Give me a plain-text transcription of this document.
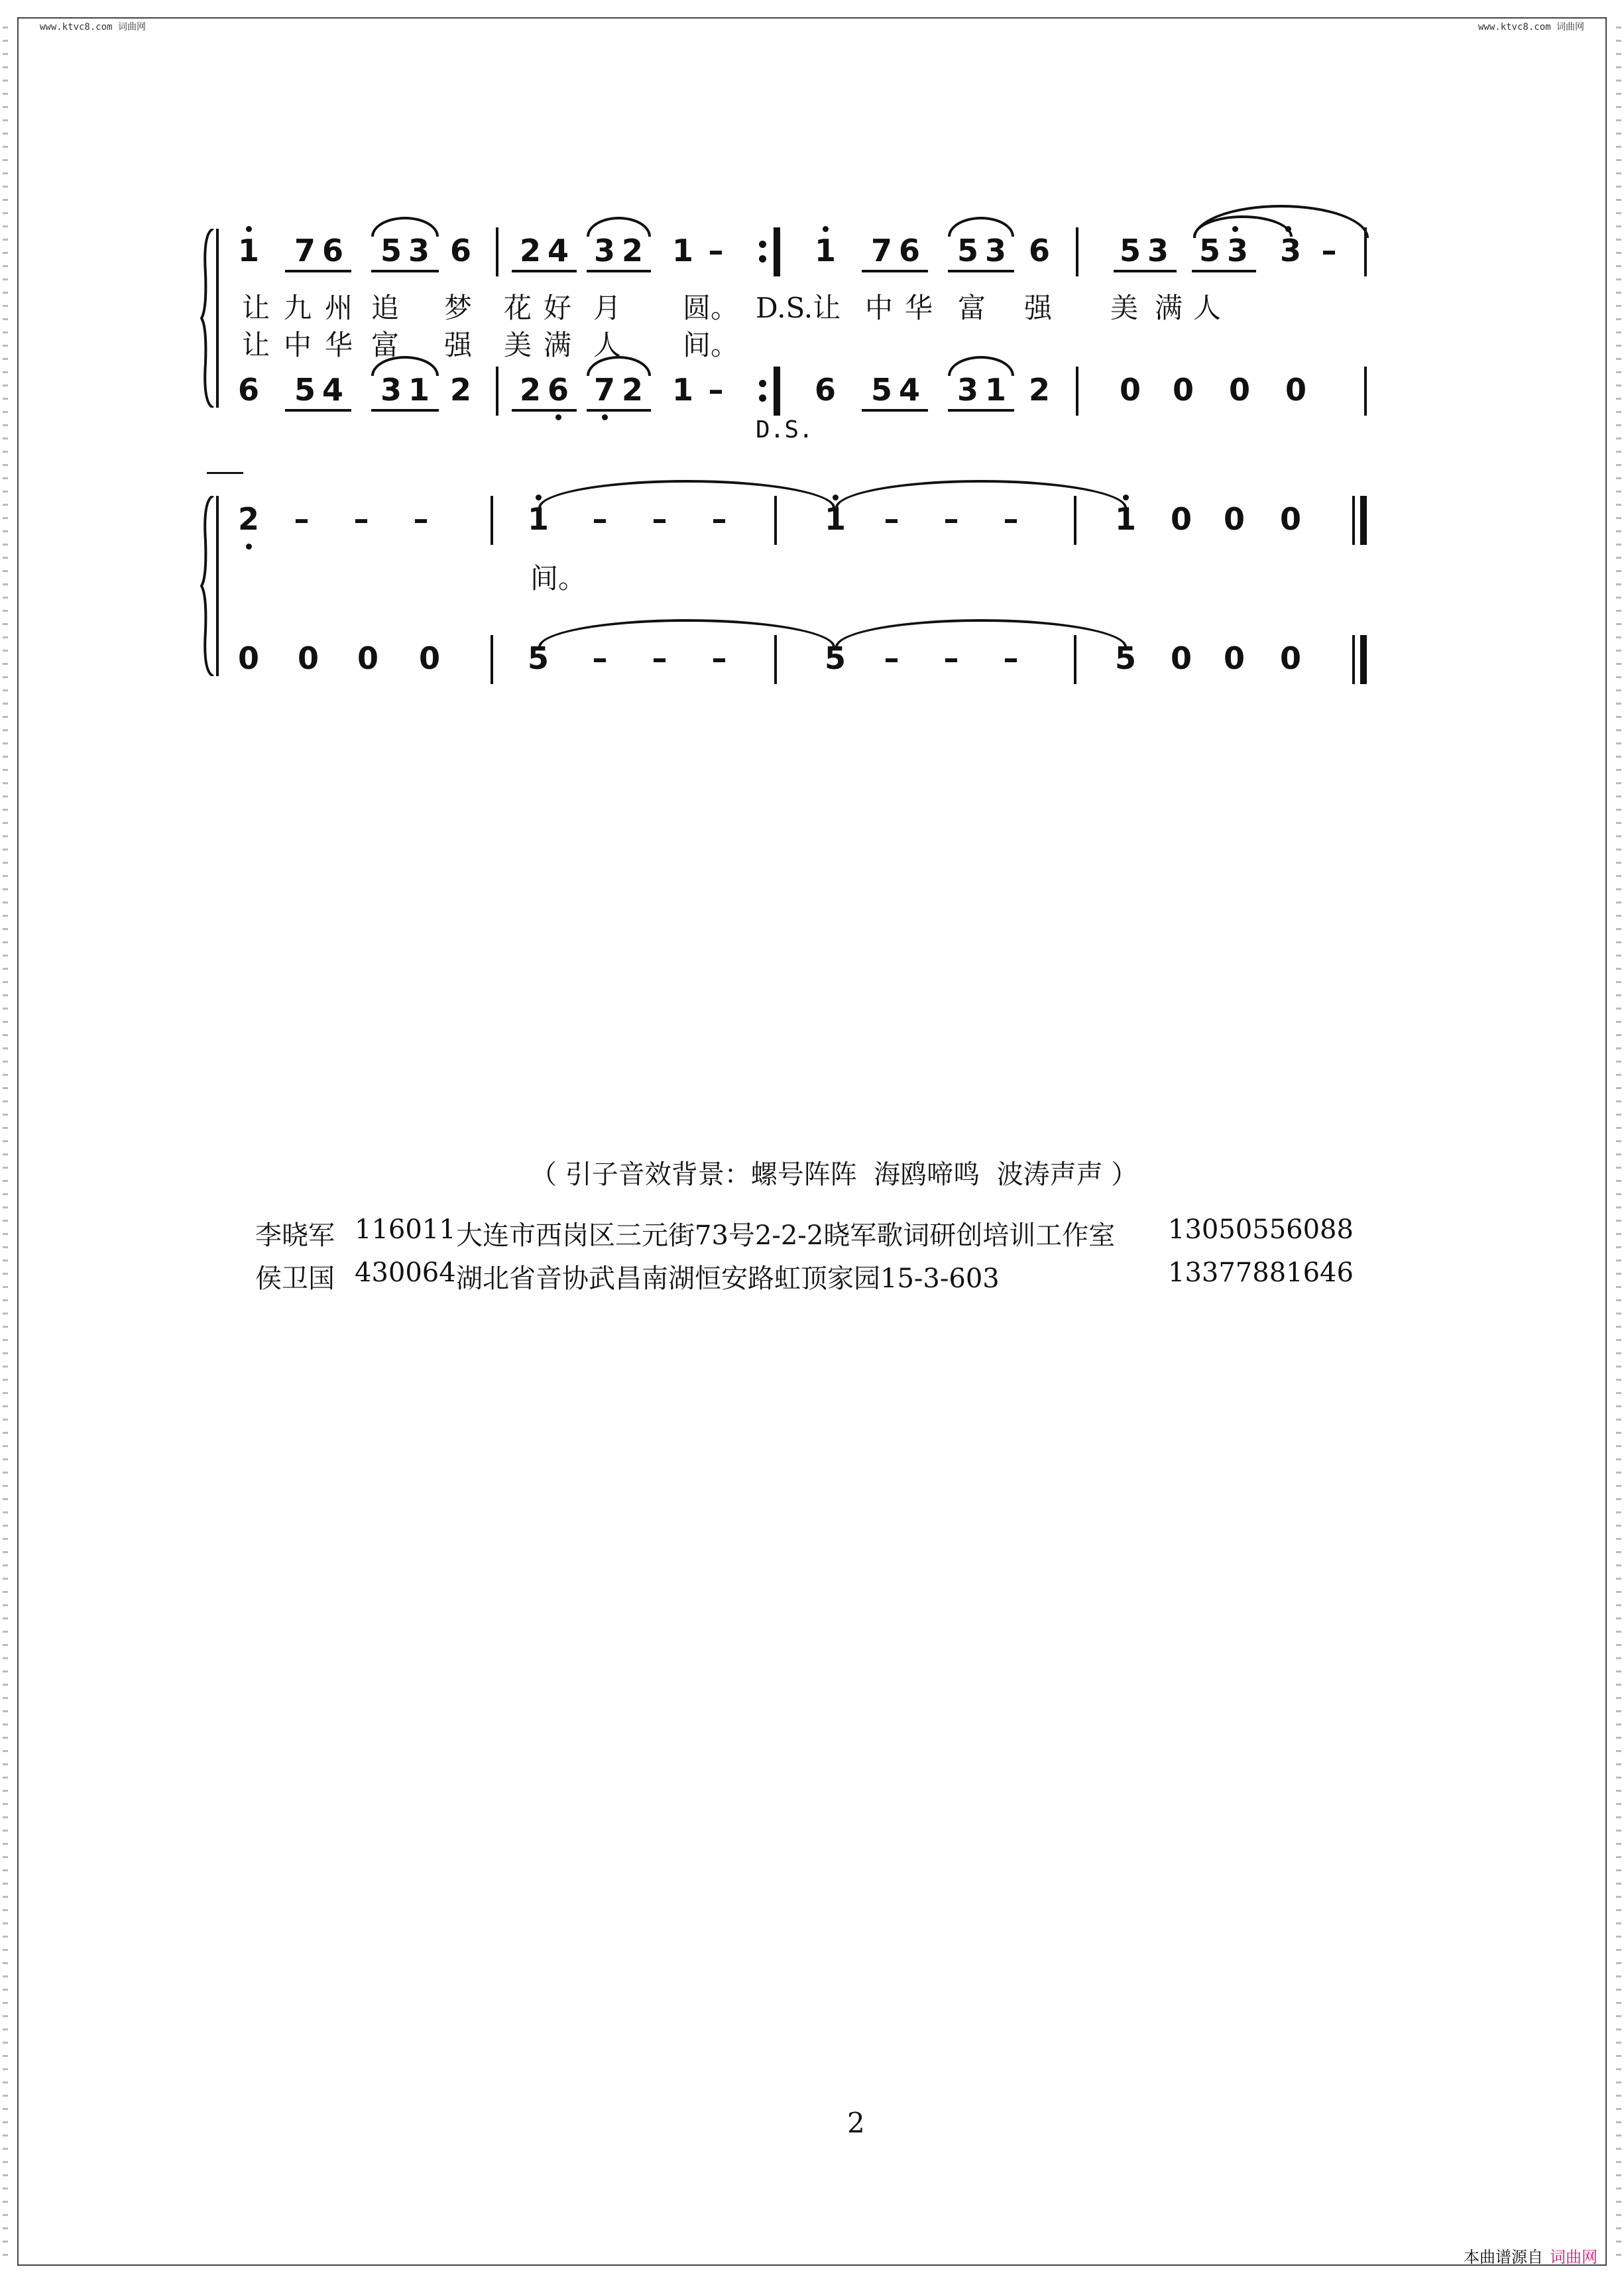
www.ktvc8.com 词曲网	www.ktvc8.com 词曲网
1 7 6 5 3 6 2 4 3 2 1	1 7 6 5 3 6 5 3 5 3 3
–	–
让 九 州 追 梦 花 好 月 圆。 D.S.让 中 华 富 强 美 满 人
让 中 华 富 强 美 满 人 间。
6 5 4 3 1 2 2 6 7 2 1	6 5 4 3 1 2 0 0 0 0
–
D.S.
2 – – –	1 – – –	1 – – –	1 0 0 0
间。
0 0 0 0	5 – – –	5 – – –	5 0 0 0
（ 引子音效背景：螺号阵阵  海鸥啼鸣  波涛声声 ）
李晓军 116011 大连市西岗区三元街73号2-2-2晓军歌词研创培训工作室 13050556088
侯卫国 430064 湖北省音协武昌南湖恒安路虹顶家园15-3-603	13377881646
2
本曲谱源自 词曲网
